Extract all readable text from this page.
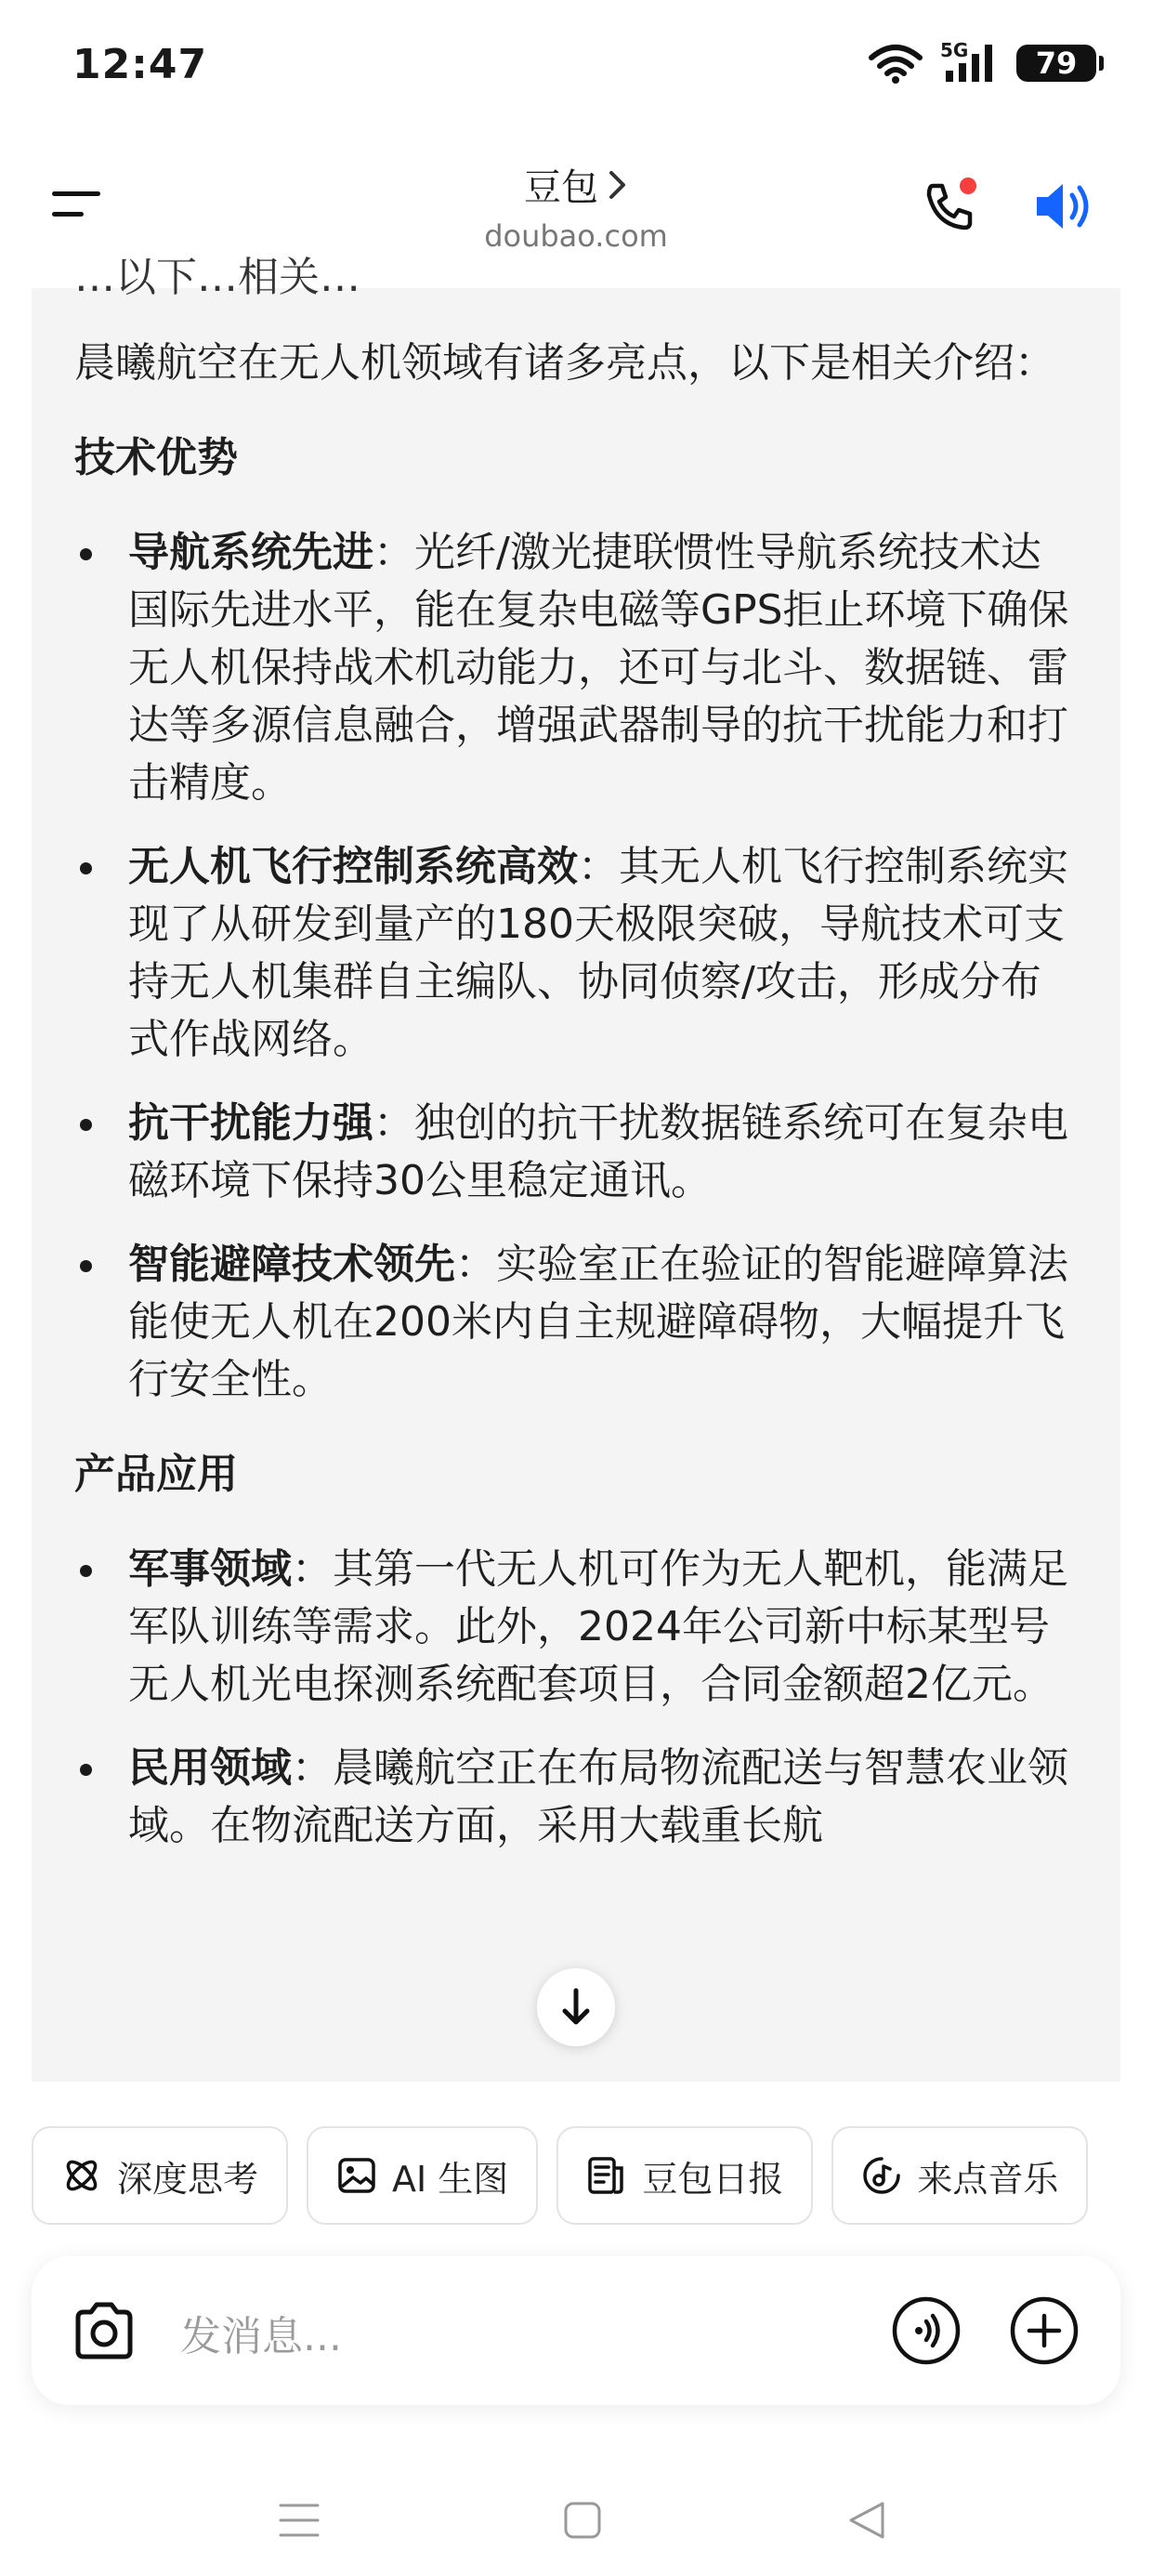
12:47	5G	79
豆包
doubao.com
…以下…相关…
晨曦航空在无人机领域有诸多亮点，以下是相关介绍：
技术优势
导航系统先进：光纤/激光捷联惯性导航系统技术达国际先进水平，能在复杂电磁等GPS拒止环境下确保无人机保持战术机动能力，还可与北斗、数据链、雷达等多源信息融合，增强武器制导的抗干扰能力和打击精度。
无人机飞行控制系统高效：其无人机飞行控制系统实现了从研发到量产的180天极限突破，导航技术可支持无人机集群自主编队、协同侦察/攻击，形成分布式作战网络。
抗干扰能力强：独创的抗干扰数据链系统可在复杂电磁环境下保持30公里稳定通讯。
智能避障技术领先：实验室正在验证的智能避障算法能使无人机在200米内自主规避障碍物，大幅提升飞行安全性。
产品应用
军事领域：其第一代无人机可作为无人靶机，能满足军队训练等需求。此外，2024年公司新中标某型号无人机光电探测系统配套项目，合同金额超2亿元。
民用领域：晨曦航空正在布局物流配送与智慧农业领域。在物流配送方面，采用大载重长航
深度思考	AI 生图	豆包日报	来点音乐
发消息...
